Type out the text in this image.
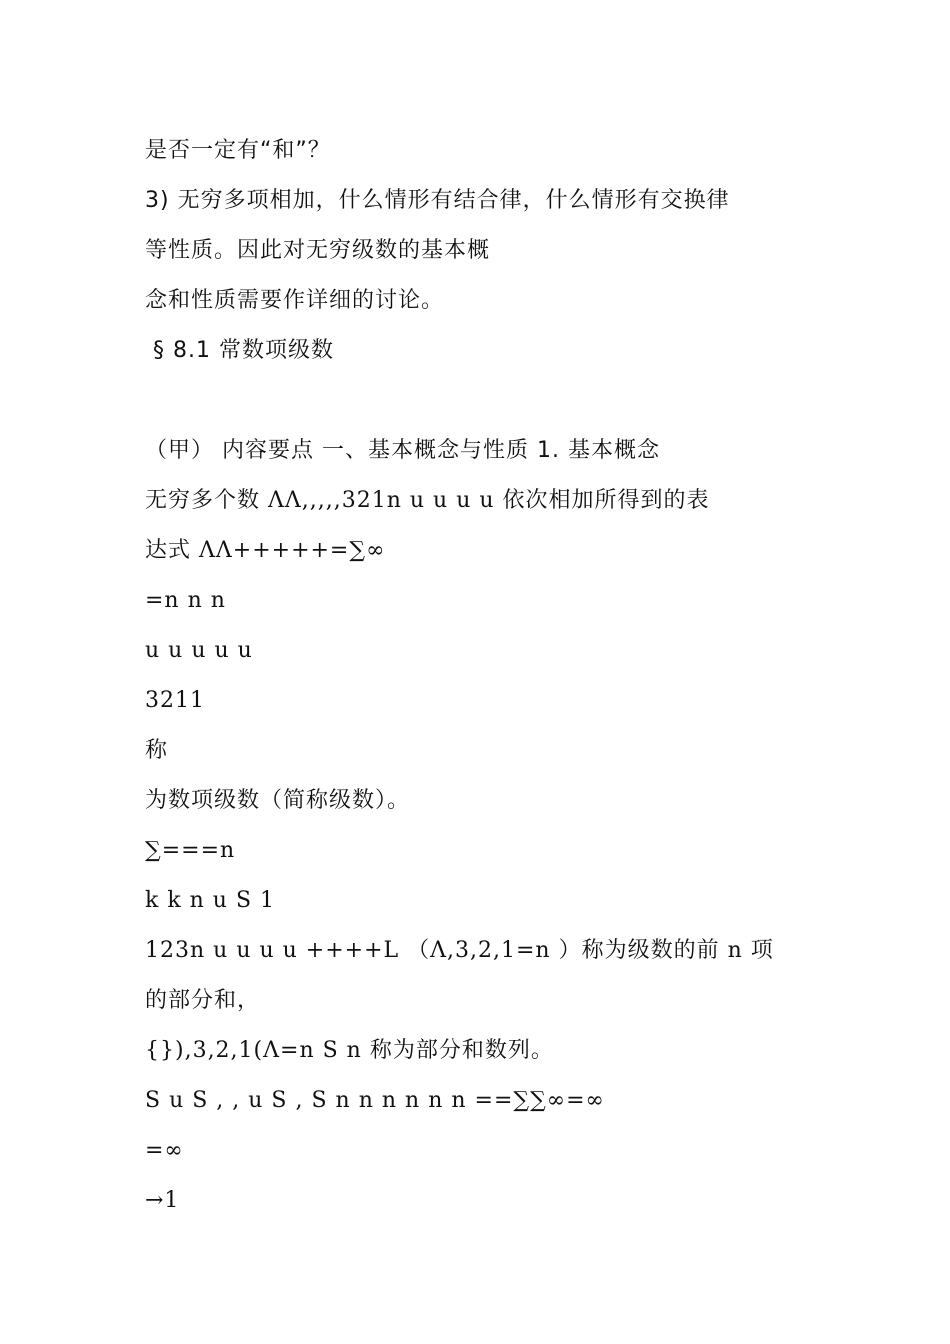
是否一定有“和”？
3) 无穷多项相加，什么情形有结合律，什么情形有交换律
等性质。因此对无穷级数的基本概
念和性质需要作详细的讨论。
§ 8.1 常数项级数
（甲） 内容要点 一、基本概念与性质 1. 基本概念
无穷多个数 ΛΛ,,,,,321n u u u u 依次相加所得到的表
达式 ΛΛ+++++=∑∞
=n n n
u u u u u
3211
称
为数项级数（简称级数）。
∑===n
k k n u S 1
123n u u u u ++++L （Λ,3,2,1=n ）称为级数的前 n 项
的部分和，
{}),3,2,1(Λ=n S n 称为部分和数列。
S u S , , u S , S n n n n n n ==∑∑∞=∞
=∞
→1
